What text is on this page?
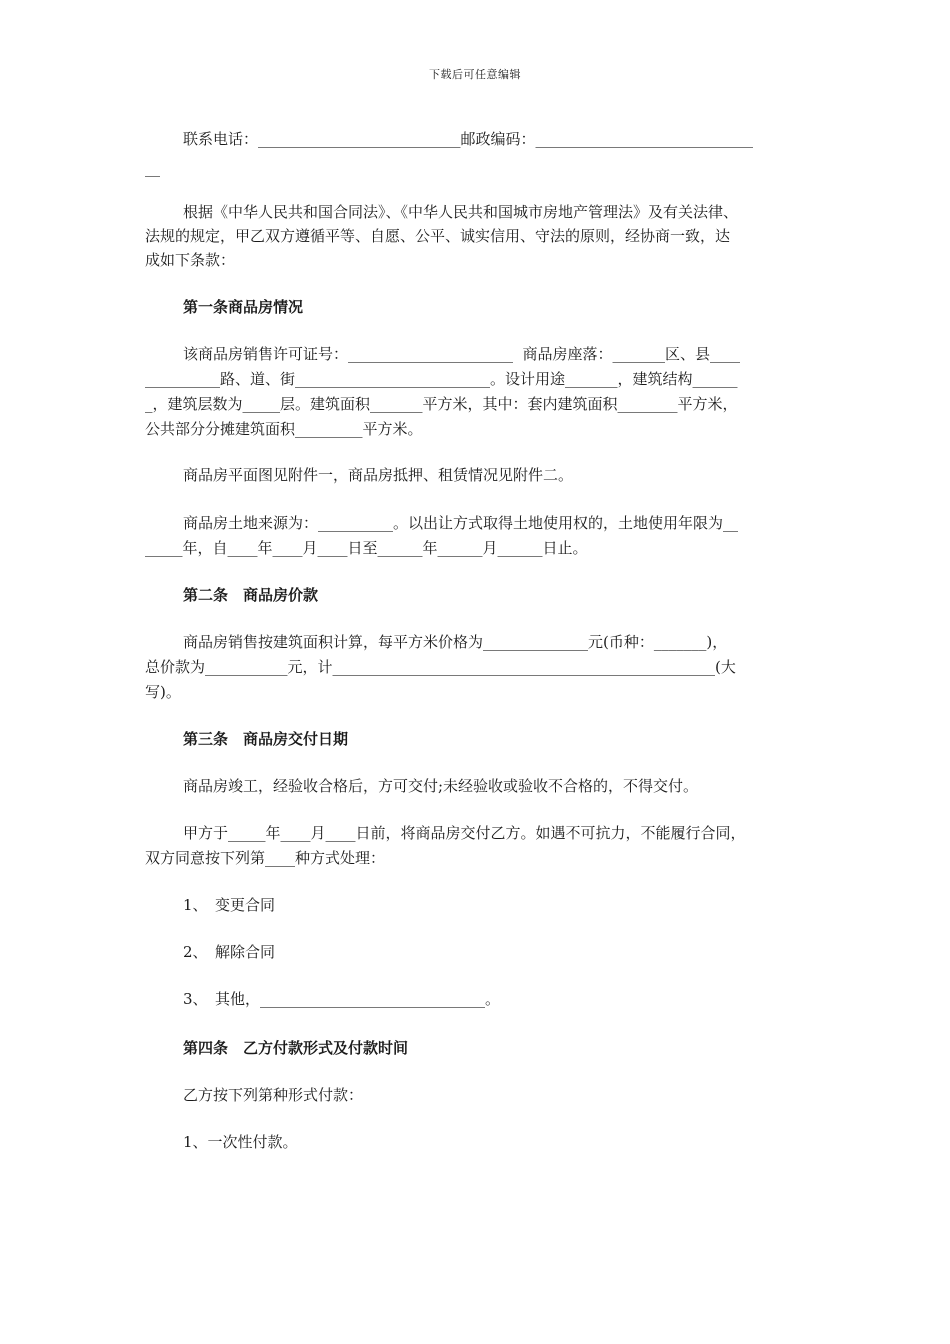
下载后可任意编辑
联系电话：___________________________邮政编码：_____________________________
__
根据《中华人民共和国合同法》、《中华人民共和国城市房地产管理法》及有关法律、
法规的规定，甲乙双方遵循平等、自愿、公平、诚实信用、守法的原则，经协商一致，达
成如下条款：
第一条商品房情况
该商品房销售许可证号：______________________  商品房座落：_______区、县____
__________路、道、街__________________________。设计用途_______，建筑结构______
_，建筑层数为_____层。建筑面积_______平方米，其中：套内建筑面积________平方米，
公共部分分摊建筑面积_________平方米。
商品房平面图见附件一，商品房抵押、租赁情况见附件二。
商品房土地来源为：__________。以出让方式取得土地使用权的，土地使用年限为__
_____年，自____年____月____日至______年______月______日止。
第二条　商品房价款
商品房销售按建筑面积计算，每平方米价格为______________元(币种：_______)，
总价款为___________元，计___________________________________________________(大
写)。
第三条　商品房交付日期
商品房竣工，经验收合格后，方可交付;未经验收或验收不合格的，不得交付。
甲方于_____年____月____日前，将商品房交付乙方。如遇不可抗力，不能履行合同，
双方同意按下列第____种方式处理：
1、　变更合同
2、　解除合同
3、　其他，______________________________。
第四条　乙方付款形式及付款时间
乙方按下列第种形式付款：
1、一次性付款。
